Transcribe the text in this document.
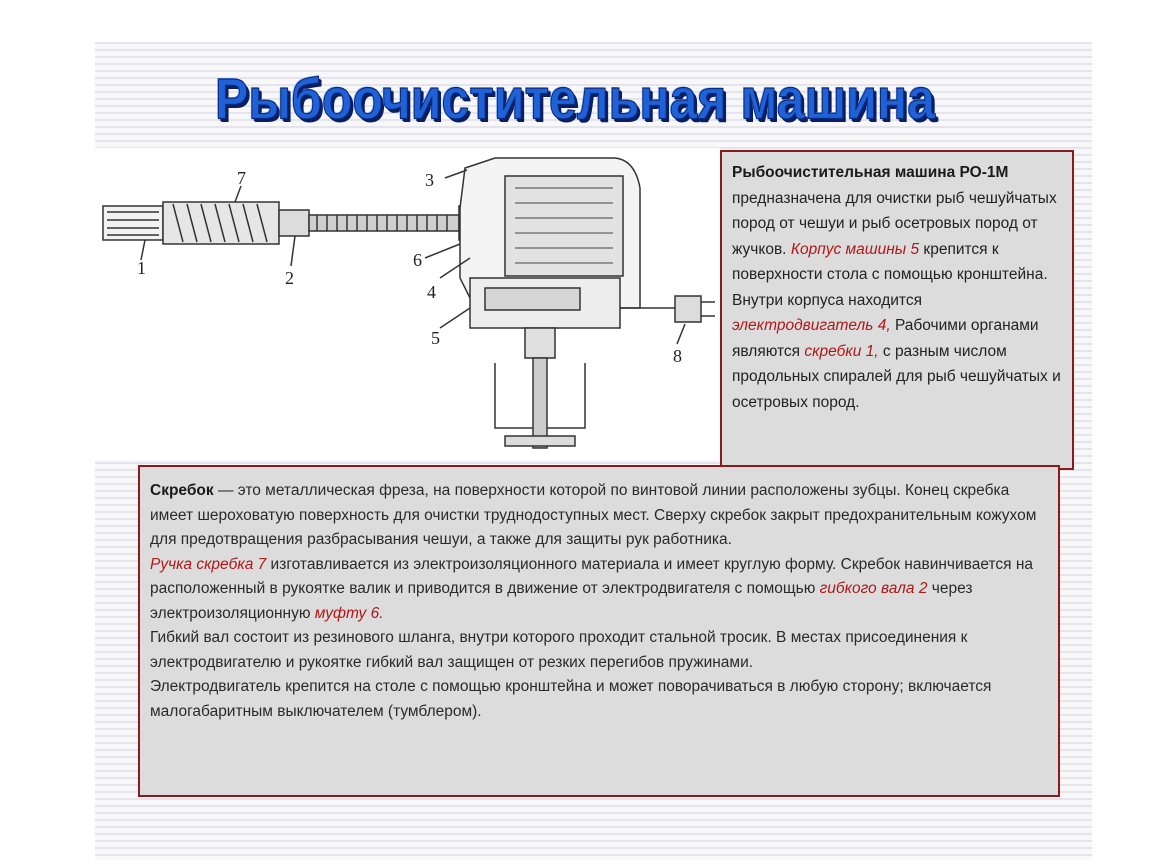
Рыбоочистительная машина
1	2
3
4
5
6
7
8
Рыбоочистительная машина РО-1М предназначена для очистки рыб чешуйчатых пород от чешуи и рыб осетровых пород от жучков. Корпус машины 5 крепится к поверхности стола с помощью кронштейна. Внутри корпуса находится электродвигатель 4, Рабочими органами являются скребки 1, с разным числом продольных спиралей для рыб чешуйчатых и осетровых пород.
Скребок — это металлическая фреза, на поверхности которой по винтовой линии расположены зубцы. Конец скребка имеет шероховатую поверхность для очистки труднодоступных мест. Сверху скребок закрыт предохранительным кожухом для предотвращения разбрасывания чешуи, а также для защиты рук работника.
Ручка скребка 7 изготавливается из электроизоляционного материала и имеет круглую форму. Скребок навинчивается на расположенный в рукоятке валик и приводится в движение от электродвигателя с помощью гибкого вала 2 через электроизоляционную муфту 6.
Гибкий вал состоит из резинового шланга, внутри которого проходит стальной тросик. В местах присоединения к электродвигателю и рукоятке гибкий вал защищен от резких перегибов пружинами.
Электродвигатель крепится на столе с помощью кронштейна и может поворачиваться в любую сторону; включается малогабаритным выключателем (тумблером).
